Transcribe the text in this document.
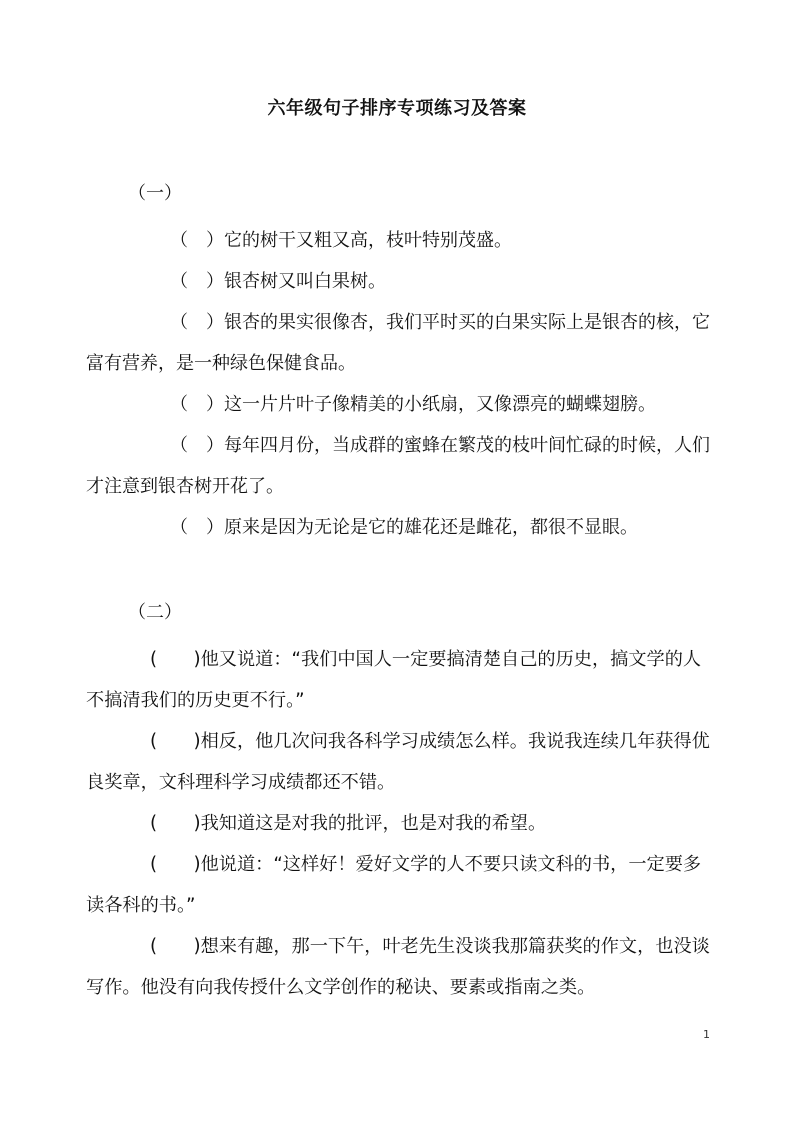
六年级句子排序专项练习及答案
（一）
（　）它的树干又粗又高，枝叶特别茂盛。
（　）银杏树又叫白果树。
（　）银杏的果实很像杏，我们平时买的白果实际上是银杏的核，它富有营养，是一种绿色保健食品。
（　）这一片片叶子像精美的小纸扇，又像漂亮的蝴蝶翅膀。
（　）每年四月份，当成群的蜜蜂在繁茂的枝叶间忙碌的时候，人们才注意到银杏树开花了。
（　）原来是因为无论是它的雄花还是雌花，都很不显眼。
（二）
(　　)他又说道：“我们中国人一定要搞清楚自己的历史，搞文学的人不搞清我们的历史更不行。”
(　　)相反，他几次问我各科学习成绩怎么样。我说我连续几年获得优良奖章，文科理科学习成绩都还不错。
(　　)我知道这是对我的批评，也是对我的希望。
(　　)他说道：“这样好！爱好文学的人不要只读文科的书，一定要多读各科的书。”
(　　)想来有趣，那一下午，叶老先生没谈我那篇获奖的作文，也没谈写作。他没有向我传授什么文学创作的秘诀、要素或指南之类。
1
